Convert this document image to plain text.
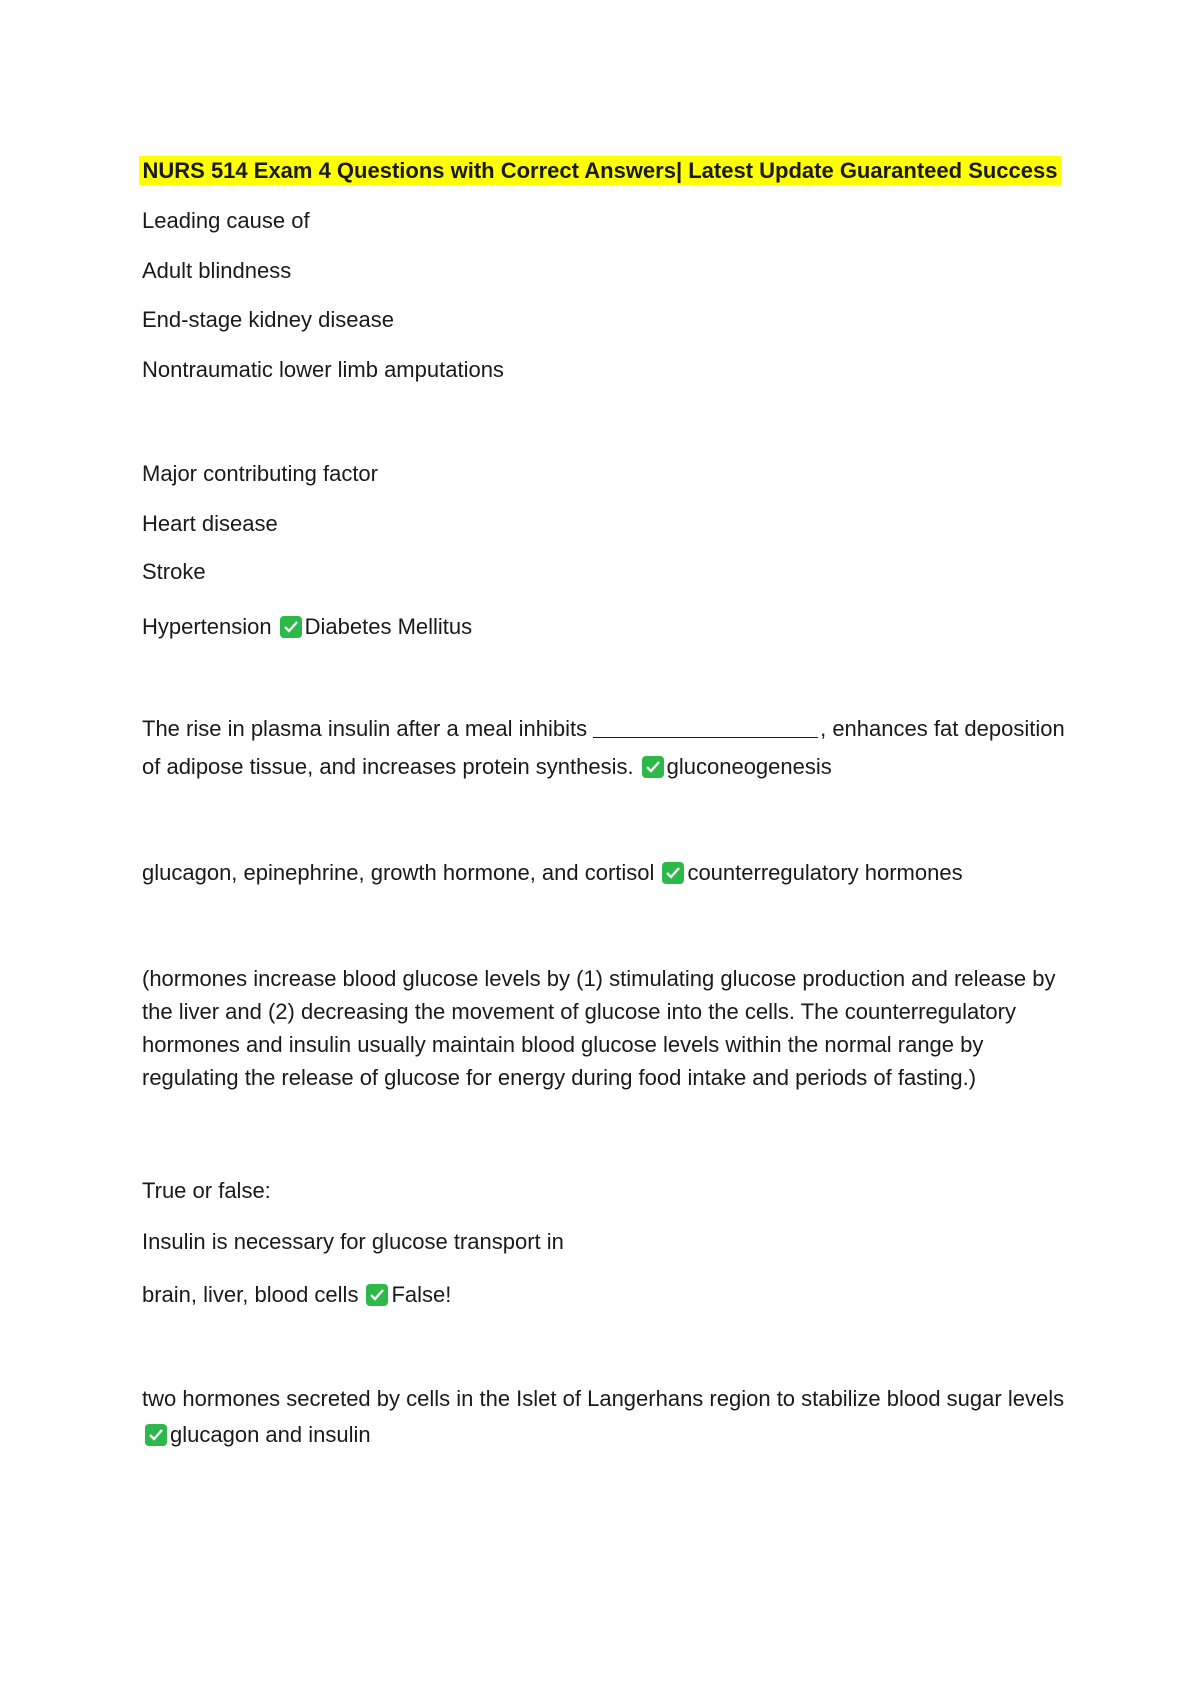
NURS 514 Exam 4 Questions with Correct Answers| Latest Update Guaranteed Success
Leading cause of
Adult blindness
End-stage kidney disease
Nontraumatic lower limb amputations
Major contributing factor
Heart disease
Stroke
Hypertension Diabetes Mellitus
The rise in plasma insulin after a meal inhibits	, enhances fat deposition
of adipose tissue, and increases protein synthesis. gluconeogenesis
glucagon, epinephrine, growth hormone, and cortisol counterregulatory hormones
(hormones increase blood glucose levels by (1) stimulating glucose production and release by the liver and (2) decreasing the movement of glucose into the cells. The counterregulatory hormones and insulin usually maintain blood glucose levels within the normal range by regulating the release of glucose for energy during food intake and periods of fasting.)
True or false:
Insulin is necessary for glucose transport in
brain, liver, blood cells False!
two hormones secreted by cells in the Islet of Langerhans region to stabilize blood sugar levels
glucagon and insulin
